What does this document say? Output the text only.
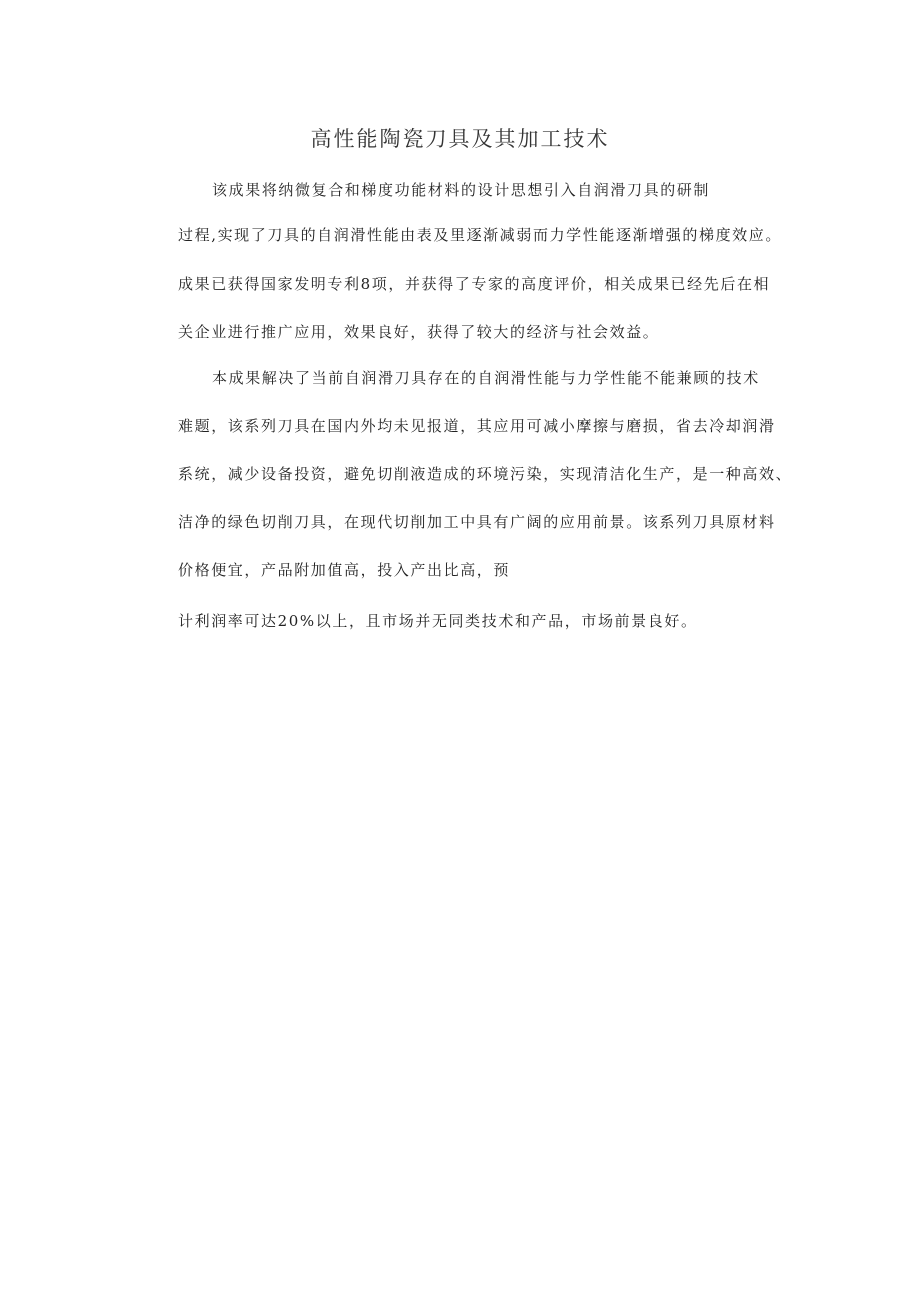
高性能陶瓷刀具及其加工技术
该成果将纳微复合和梯度功能材料的设计思想引入自润滑刀具的研制
过程,实现了刀具的自润滑性能由表及里逐渐减弱而力学性能逐渐增强的梯度效应。
成果已获得国家发明专利8项，并获得了专家的高度评价，相关成果已经先后在相
关企业进行推广应用，效果良好，获得了较大的经济与社会效益。
本成果解决了当前自润滑刀具存在的自润滑性能与力学性能不能兼顾的技术
难题，该系列刀具在国内外均未见报道，其应用可减小摩擦与磨损，省去冷却润滑
系统，减少设备投资，避免切削液造成的环境污染，实现清洁化生产，是一种高效、
洁净的绿色切削刀具，在现代切削加工中具有广阔的应用前景。该系列刀具原材料
价格便宜，产品附加值高，投入产出比高，预
计利润率可达20%以上，且市场并无同类技术和产品，市场前景良好。
